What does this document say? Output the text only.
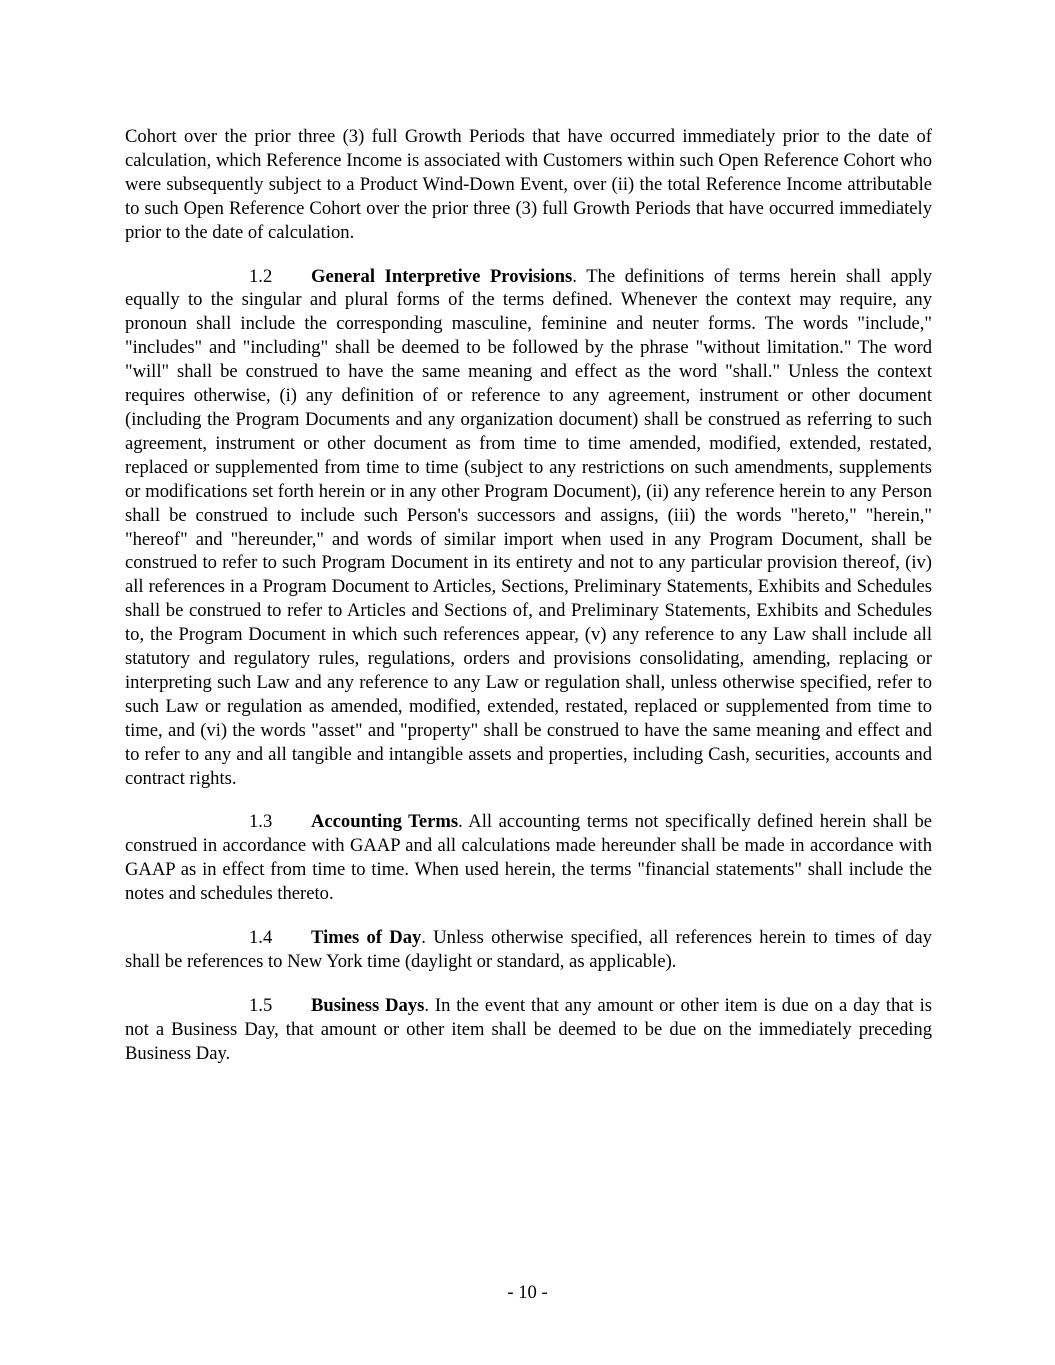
Cohort over the prior three (3) full Growth Periods that have occurred immediately prior to the date of calculation, which Reference Income is associated with Customers within such Open Reference Cohort who were subsequently subject to a Product Wind-Down Event, over (ii) the total Reference Income attributable to such Open Reference Cohort over the prior three (3) full Growth Periods that have occurred immediately prior to the date of calculation.

1.2 General Interpretive Provisions. The definitions of terms herein shall apply equally to the singular and plural forms of the terms defined. Whenever the context may require, any pronoun shall include the corresponding masculine, feminine and neuter forms. The words "include," "includes" and "including" shall be deemed to be followed by the phrase "without limitation." The word "will" shall be construed to have the same meaning and effect as the word "shall." Unless the context requires otherwise, (i) any definition of or reference to any agreement, instrument or other document (including the Program Documents and any organization document) shall be construed as referring to such agreement, instrument or other document as from time to time amended, modified, extended, restated, replaced or supplemented from time to time (subject to any restrictions on such amendments, supplements or modifications set forth herein or in any other Program Document), (ii) any reference herein to any Person shall be construed to include such Person's successors and assigns, (iii) the words "hereto," "herein," "hereof" and "hereunder," and words of similar import when used in any Program Document, shall be construed to refer to such Program Document in its entirety and not to any particular provision thereof, (iv) all references in a Program Document to Articles, Sections, Preliminary Statements, Exhibits and Schedules shall be construed to refer to Articles and Sections of, and Preliminary Statements, Exhibits and Schedules to, the Program Document in which such references appear, (v) any reference to any Law shall include all statutory and regulatory rules, regulations, orders and provisions consolidating, amending, replacing or interpreting such Law and any reference to any Law or regulation shall, unless otherwise specified, refer to such Law or regulation as amended, modified, extended, restated, replaced or supplemented from time to time, and (vi) the words "asset" and "property" shall be construed to have the same meaning and effect and to refer to any and all tangible and intangible assets and properties, including Cash, securities, accounts and contract rights.

1.3 Accounting Terms. All accounting terms not specifically defined herein shall be construed in accordance with GAAP and all calculations made hereunder shall be made in accordance with GAAP as in effect from time to time. When used herein, the terms "financial statements" shall include the notes and schedules thereto.

1.4 Times of Day. Unless otherwise specified, all references herein to times of day shall be references to New York time (daylight or standard, as applicable).

1.5 Business Days. In the event that any amount or other item is due on a day that is not a Business Day, that amount or other item shall be deemed to be due on the immediately preceding Business Day.

- 10 -
